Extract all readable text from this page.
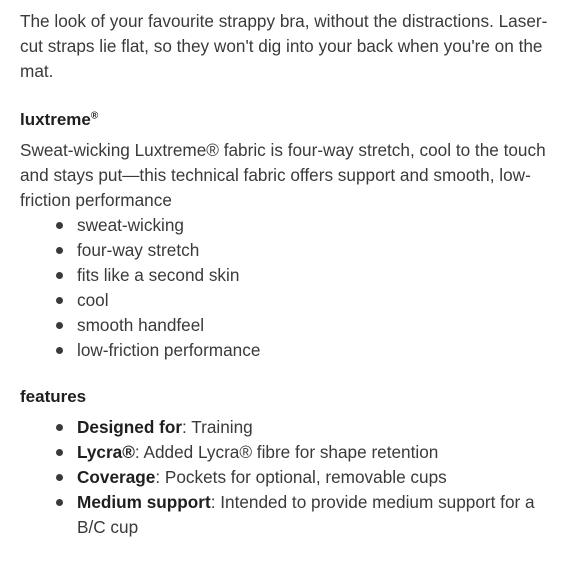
The look of your favourite strappy bra, without the distractions. Laser-cut straps lie flat, so they won't dig into your back when you're on the mat.

luxtreme®

Sweat-wicking Luxtreme® fabric is four-way stretch, cool to the touch and stays put—this technical fabric offers support and smooth, low-friction performance

sweat-wicking
four-way stretch
fits like a second skin
cool
smooth handfeel
low-friction performance
features
Designed for: Training
Lycra®: Added Lycra® fibre for shape retention
Coverage: Pockets for optional, removable cups
Medium support: Intended to provide medium support for a B/C cup
